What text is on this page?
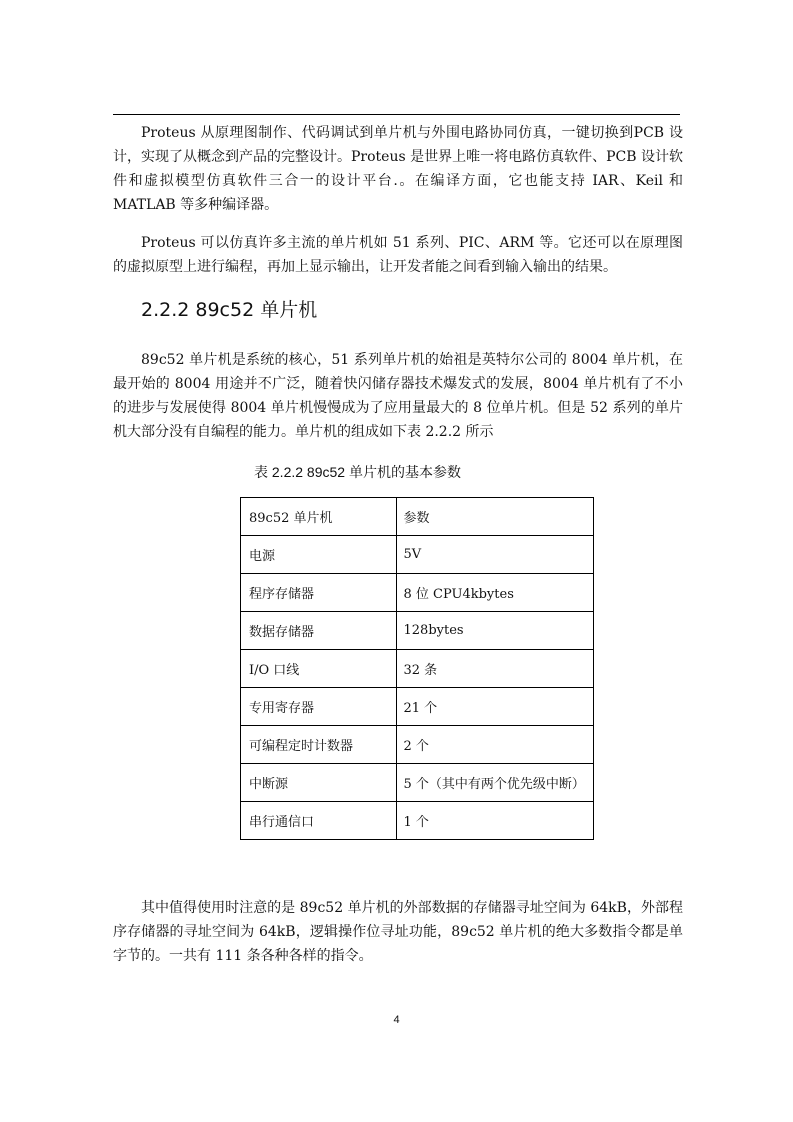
Proteus 从原理图制作、代码调试到单片机与外围电路协同仿真，一键切换到PCB 设计，实现了从概念到产品的完整设计。Proteus 是世界上唯一将电路仿真软件、PCB 设计软件和虚拟模型仿真软件三合一的设计平台.。在编译方面，它也能支持 IAR、Keil 和 MATLAB 等多种编译器。

Proteus 可以仿真许多主流的单片机如 51 系列、PIC、ARM 等。它还可以在原理图的虚拟原型上进行编程，再加上显示输出，让开发者能之间看到输入输出的结果。

2.2.2 89c52 单片机

89c52 单片机是系统的核心，51 系列单片机的始祖是英特尔公司的 8004 单片机，在最开始的 8004 用途并不广泛，随着快闪储存器技术爆发式的发展，8004 单片机有了不小的进步与发展使得 8004 单片机慢慢成为了应用量最大的 8 位单片机。但是 52 系列的单片机大部分没有自编程的能力。单片机的组成如下表 2.2.2 所示

表 2.2.2 89c52 单片机的基本参数
89c52 单片机	参数
电源	5V
程序存储器	8 位 CPU4kbytes
数据存储器	128bytes
I/O 口线	32 条
专用寄存器	21 个
可编程定时计数器	2 个
中断源	5 个（其中有两个优先级中断）
串行通信口	1 个

其中值得使用时注意的是 89c52 单片机的外部数据的存储器寻址空间为 64kB，外部程序存储器的寻址空间为 64kB，逻辑操作位寻址功能，89c52 单片机的绝大多数指令都是单字节的。一共有 111 条各种各样的指令。

4
